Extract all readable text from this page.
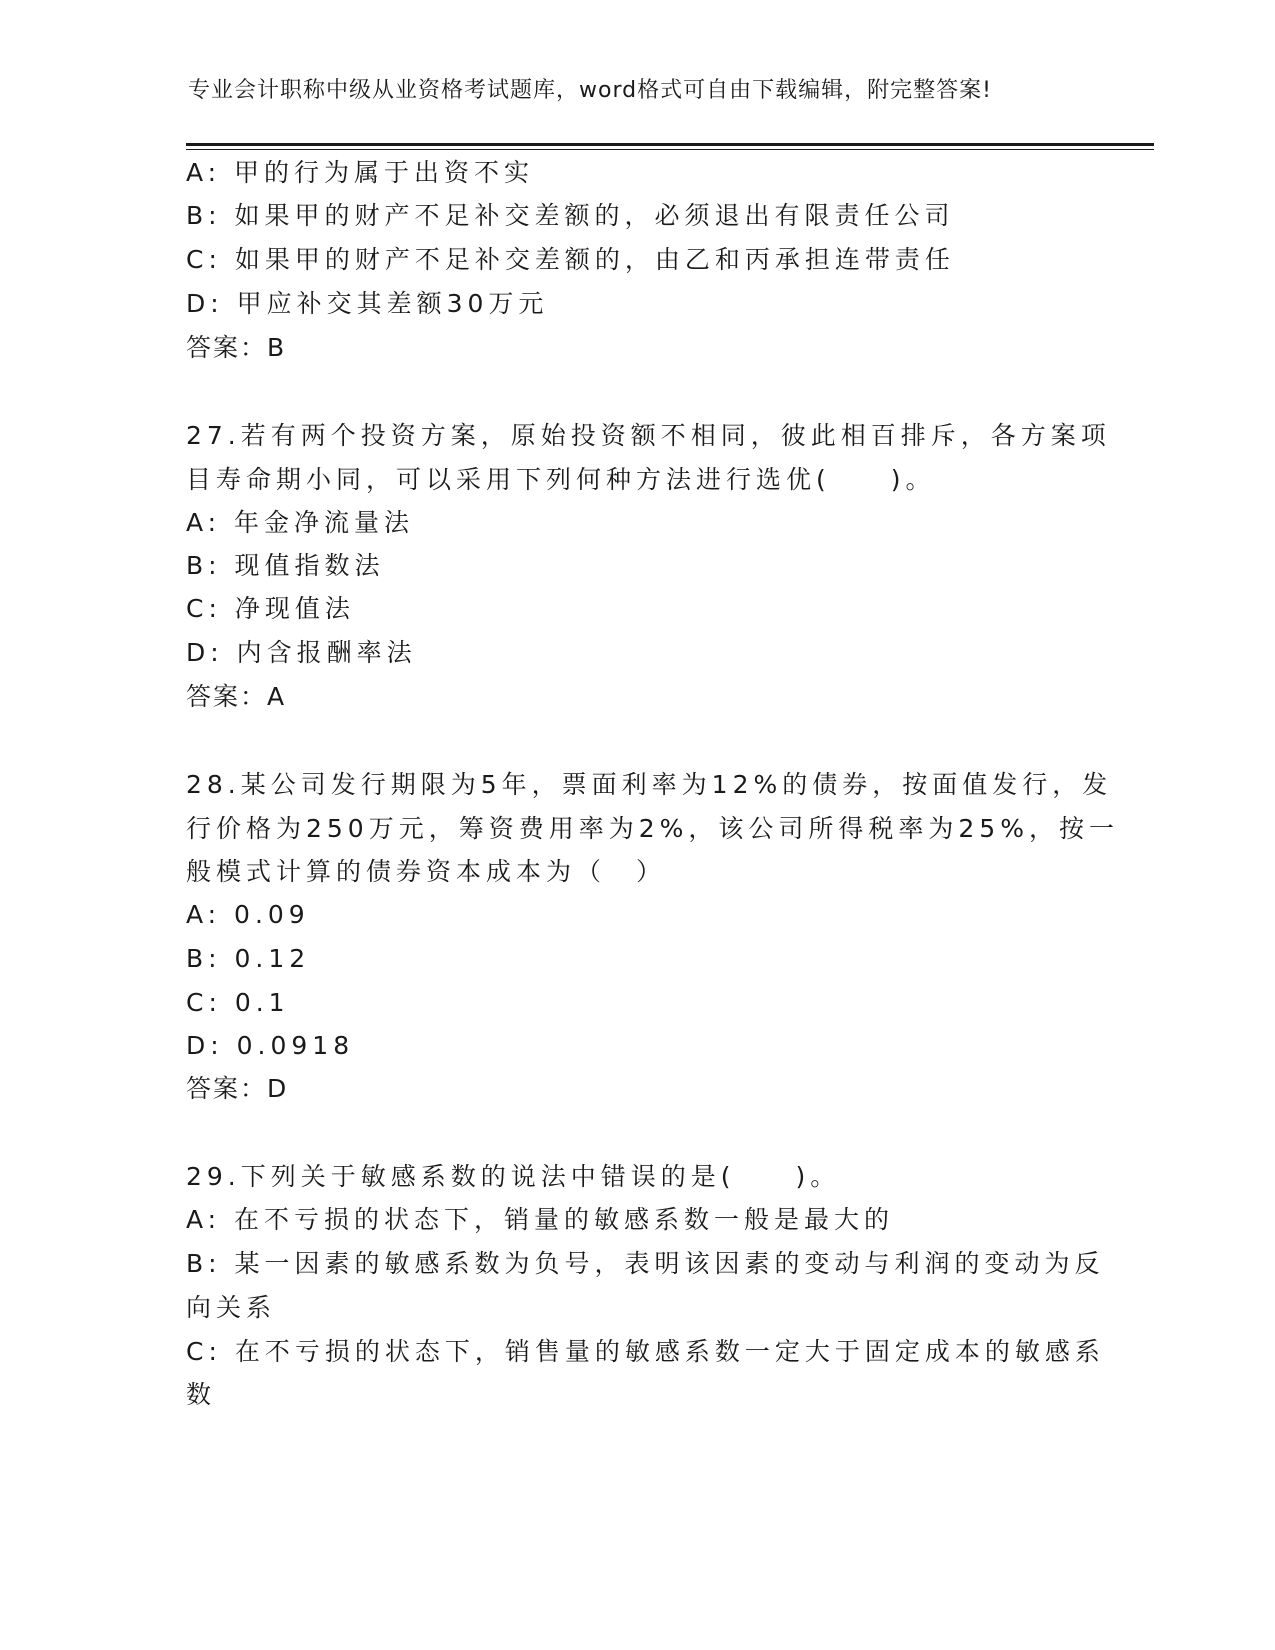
专业会计职称中级从业资格考试题库，word格式可自由下载编辑，附完整答案!
A: 甲的行为属于出资不实
B: 如果甲的财产不足补交差额的，必须退出有限责任公司
C: 如果甲的财产不足补交差额的，由乙和丙承担连带责任
D: 甲应补交其差额30万元
答案：B
27.若有两个投资方案，原始投资额不相同，彼此相百排斥，各方案项
目寿命期小同，可以采用下列何种方法进行选优(　　)。
A: 年金净流量法
B: 现值指数法
C: 净现值法
D: 内含报酬率法
答案：A
28.某公司发行期限为5年，票面利率为12%的债券，按面值发行，发
行价格为250万元，筹资费用率为2%，该公司所得税率为25%，按一
般模式计算的债券资本成本为（　）
A: 0.09
B: 0.12
C: 0.1
D: 0.0918
答案：D
29.下列关于敏感系数的说法中错误的是(　　)。
A: 在不亏损的状态下，销量的敏感系数一般是最大的
B: 某一因素的敏感系数为负号，表明该因素的变动与利润的变动为反
向关系
C: 在不亏损的状态下，销售量的敏感系数一定大于固定成本的敏感系
数
